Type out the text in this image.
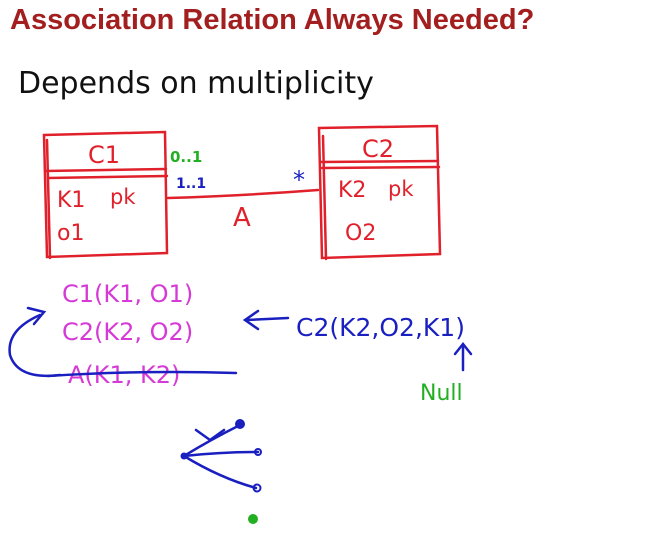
Association Relation Always Needed?

Depends on multiplicity

C1
K1 pk
o1
C2
K2 pk
O2
A
0..1
1..1	*
C1(K1, O1)
C2(K2, O2)
A(K1, K2)
C2(K2,O2,K1)
Null
